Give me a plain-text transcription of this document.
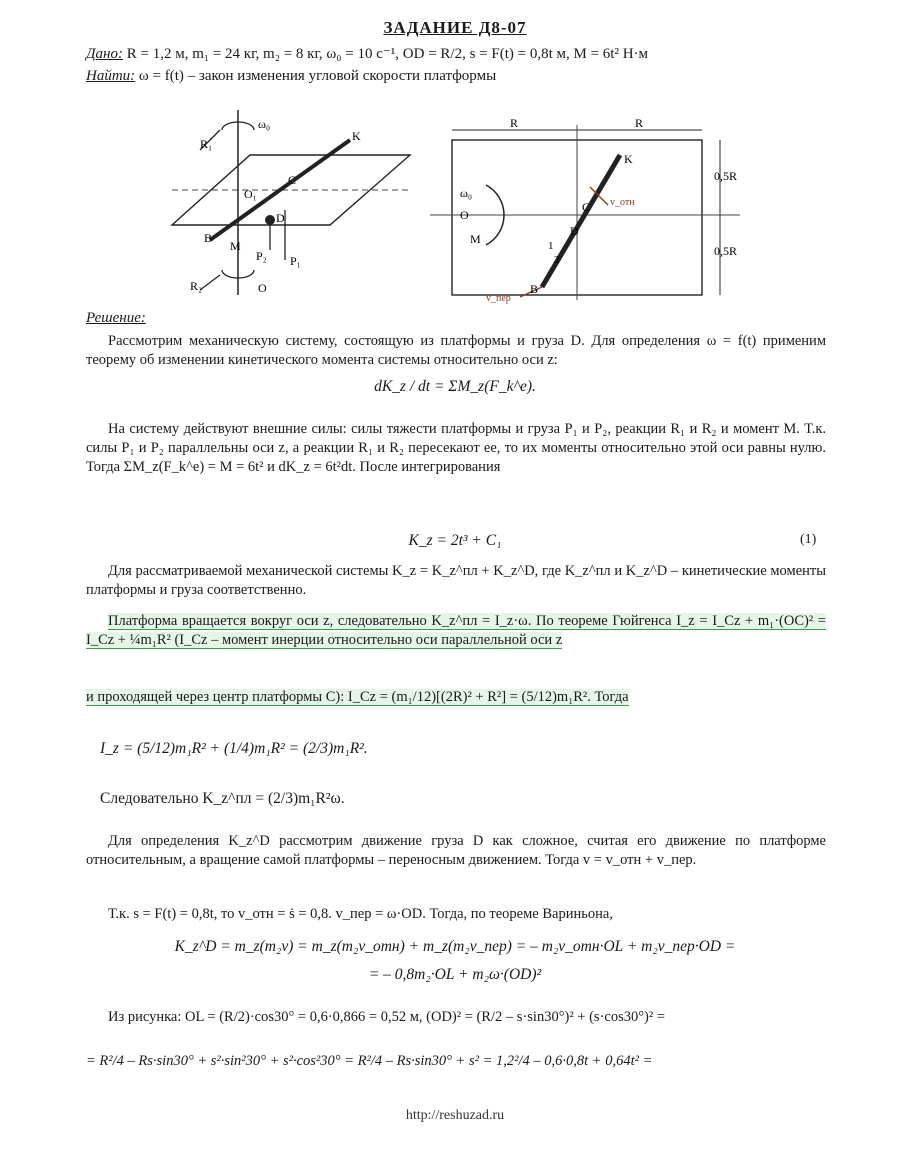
ЗАДАНИЕ Д8-07
Дано: R = 1,2 м, m₁ = 24 кг, m₂ = 8 кг, ω₀ = 10 с⁻¹, OD = R/2, s = F(t) = 0,8t м, M = 6t² Н·м
Найти: ω = f(t) – закон изменения угловой скорости платформы
ω₀
R₁
K
O₁
C
D
B
M
P₂ P₁
R₂	O
R	R
0,5R
0,5R
K
ω₀
O
C
M
D
B
v_отн
v_пер
1
2
Решение:
Рассмотрим механическую систему, состоящую из платформы и груза D. Для определения ω = f(t) применим теорему об изменении кинетического момента системы относительно оси z:
dK_z / dt = ΣM_z(F_k^e).
На систему действуют внешние силы: силы тяжести платформы и груза P₁ и P₂, реакции R₁ и R₂ и момент M. Т.к. силы P₁ и P₂ параллельны оси z, а реакции R₁ и R₂ пересекают ее, то их моменты относительно этой оси равны нулю. Тогда ΣM_z(F_k^e) = M = 6t² и dK_z = 6t²dt. После интегрирования
K_z = 2t³ + C₁	(1)
Для рассматриваемой механической системы K_z = K_z^пл + K_z^D, где K_z^пл и K_z^D – кинетические моменты платформы и груза соответственно.
Платформа вращается вокруг оси z, следовательно K_z^пл = I_z·ω. По теореме Гюйгенса I_z = I_Cz + m₁·(OC)² = I_Cz + ¼m₁R² (I_Cz – момент инерции относительно оси параллельной оси z
и проходящей через центр платформы C): I_Cz = (m₁/12)[(2R)² + R²] = (5/12)m₁R². Тогда
I_z = (5/12)m₁R² + (1/4)m₁R² = (2/3)m₁R².
Следовательно K_z^пл = (2/3)m₁R²ω.
Для определения K_z^D рассмотрим движение груза D как сложное, считая его движение по платформе относительным, а вращение самой платформы – переносным движением. Тогда v = v_отн + v_пер.
Т.к. s = F(t) = 0,8t, то v_отн = ṡ = 0,8. v_пер = ω·OD. Тогда, по теореме Вариньона,
K_z^D = m_z(m₂v) = m_z(m₂v_отн) + m_z(m₂v_пер) = – m₂v_отн·OL + m₂v_пер·OD =
= – 0,8m₂·OL + m₂ω·(OD)²
Из рисунка: OL = (R/2)·cos30° = 0,6·0,866 = 0,52 м, (OD)² = (R/2 – s·sin30°)² + (s·cos30°)² =
= R²/4 – Rs·sin30° + s²·sin²30° + s²·cos²30° = R²/4 – Rs·sin30° + s² = 1,2²/4 – 0,6·0,8t + 0,64t² =
http://reshuzad.ru
